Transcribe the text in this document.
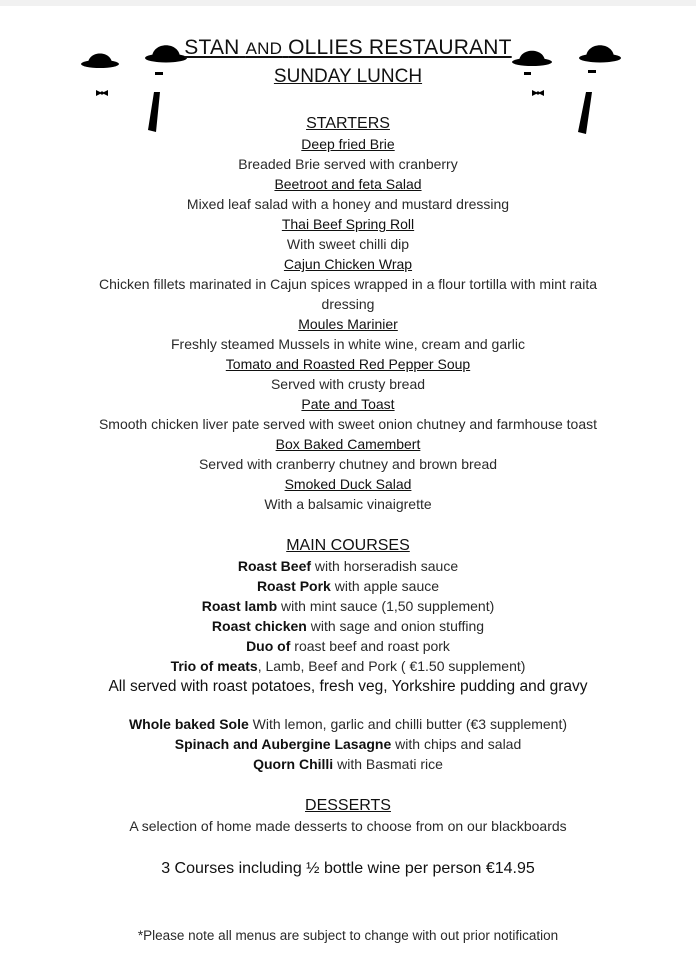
STAN AND OLLIES RESTAURANT
SUNDAY LUNCH
STARTERS
Deep fried Brie
Breaded Brie served with cranberry
Beetroot and feta Salad
Mixed leaf salad with a honey and mustard dressing
Thai Beef Spring Roll
With sweet chilli dip
Cajun Chicken Wrap
Chicken fillets marinated in Cajun spices wrapped in a flour tortilla with mint raita dressing
Moules Marinier
Freshly steamed Mussels in white wine, cream and garlic
Tomato and Roasted Red Pepper Soup
Served with crusty bread
Pate and Toast
Smooth chicken liver pate served with sweet onion chutney and farmhouse toast
Box Baked Camembert
Served with cranberry chutney and brown bread
Smoked Duck Salad
With a balsamic vinaigrette
MAIN COURSES
Roast Beef with horseradish sauce
Roast Pork with apple sauce
Roast lamb with mint sauce (1,50 supplement)
Roast chicken with sage and onion stuffing
Duo of roast beef and roast pork
Trio of meats, Lamb, Beef and Pork ( €1.50 supplement)
All served with roast potatoes, fresh veg, Yorkshire pudding and gravy
Whole baked Sole With lemon, garlic and chilli butter (€3 supplement)
Spinach and Aubergine Lasagne with chips and salad
Quorn Chilli with Basmati rice
DESSERTS
A selection of home made desserts to choose from on our blackboards
3 Courses including ½ bottle wine per person €14.95
*Please note all menus are subject to change with out prior notification
